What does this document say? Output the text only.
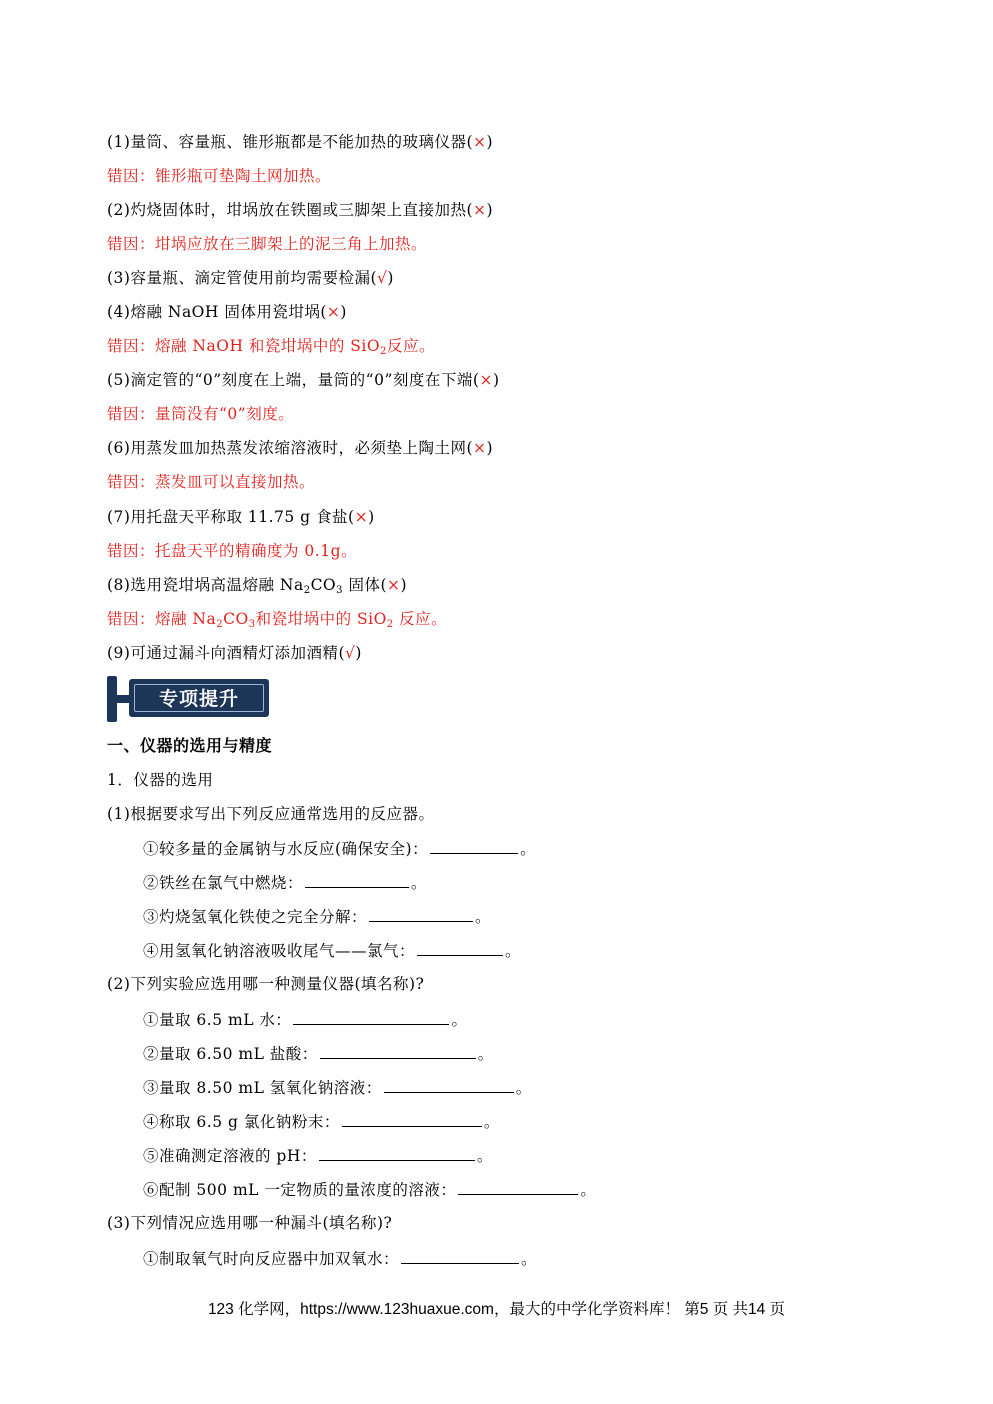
(1)量筒、容量瓶、锥形瓶都是不能加热的玻璃仪器(×)
错因：锥形瓶可垫陶土网加热。
(2)灼烧固体时，坩埚放在铁圈或三脚架上直接加热(×)
错因：坩埚应放在三脚架上的泥三角上加热。
(3)容量瓶、滴定管使用前均需要检漏(√)
(4)熔融 NaOH 固体用瓷坩埚(×)
错因：熔融 NaOH 和瓷坩埚中的 SiO$_2$反应。
(5)滴定管的“0”刻度在上端，量筒的“0”刻度在下端(×)
错因：量筒没有“0”刻度。
(6)用蒸发皿加热蒸发浓缩溶液时，必须垫上陶土网(×)
错因：蒸发皿可以直接加热。
(7)用托盘天平称取 11.75 g 食盐(×)
错因：托盘天平的精确度为 0.1g。
(8)选用瓷坩埚高温熔融 $Na_2CO_3$ 固体(×)
错因：熔融 $Na_2CO_3$和瓷坩埚中的 SiO$_2$ 反应。
(9)可通过漏斗向酒精灯添加酒精(√)
专项提升
一、仪器的选用与精度
1．仪器的选用
(1)根据要求写出下列反应通常选用的反应器。
①较多量的金属钠与水反应(确保安全)：	。
②铁丝在氯气中燃烧：	。
③灼烧氢氧化铁使之完全分解：	。
④用氢氧化钠溶液吸收尾气——氯气：	。
(2)下列实验应选用哪一种测量仪器(填名称)?
①量取 6.5 mL 水：	。
②量取 6.50 mL 盐酸：	。
③量取 8.50 mL 氢氧化钠溶液：	。
④称取 6.5 g 氯化钠粉末：	。
⑤准确测定溶液的 pH：	。
⑥配制 500 mL 一定物质的量浓度的溶液：	。
(3)下列情况应选用哪一种漏斗(填名称)?
①制取氧气时向反应器中加双氧水：	。
123 化学网，https://www.123huaxue.com，最大的中学化学资料库！ 第5 页 共14 页
